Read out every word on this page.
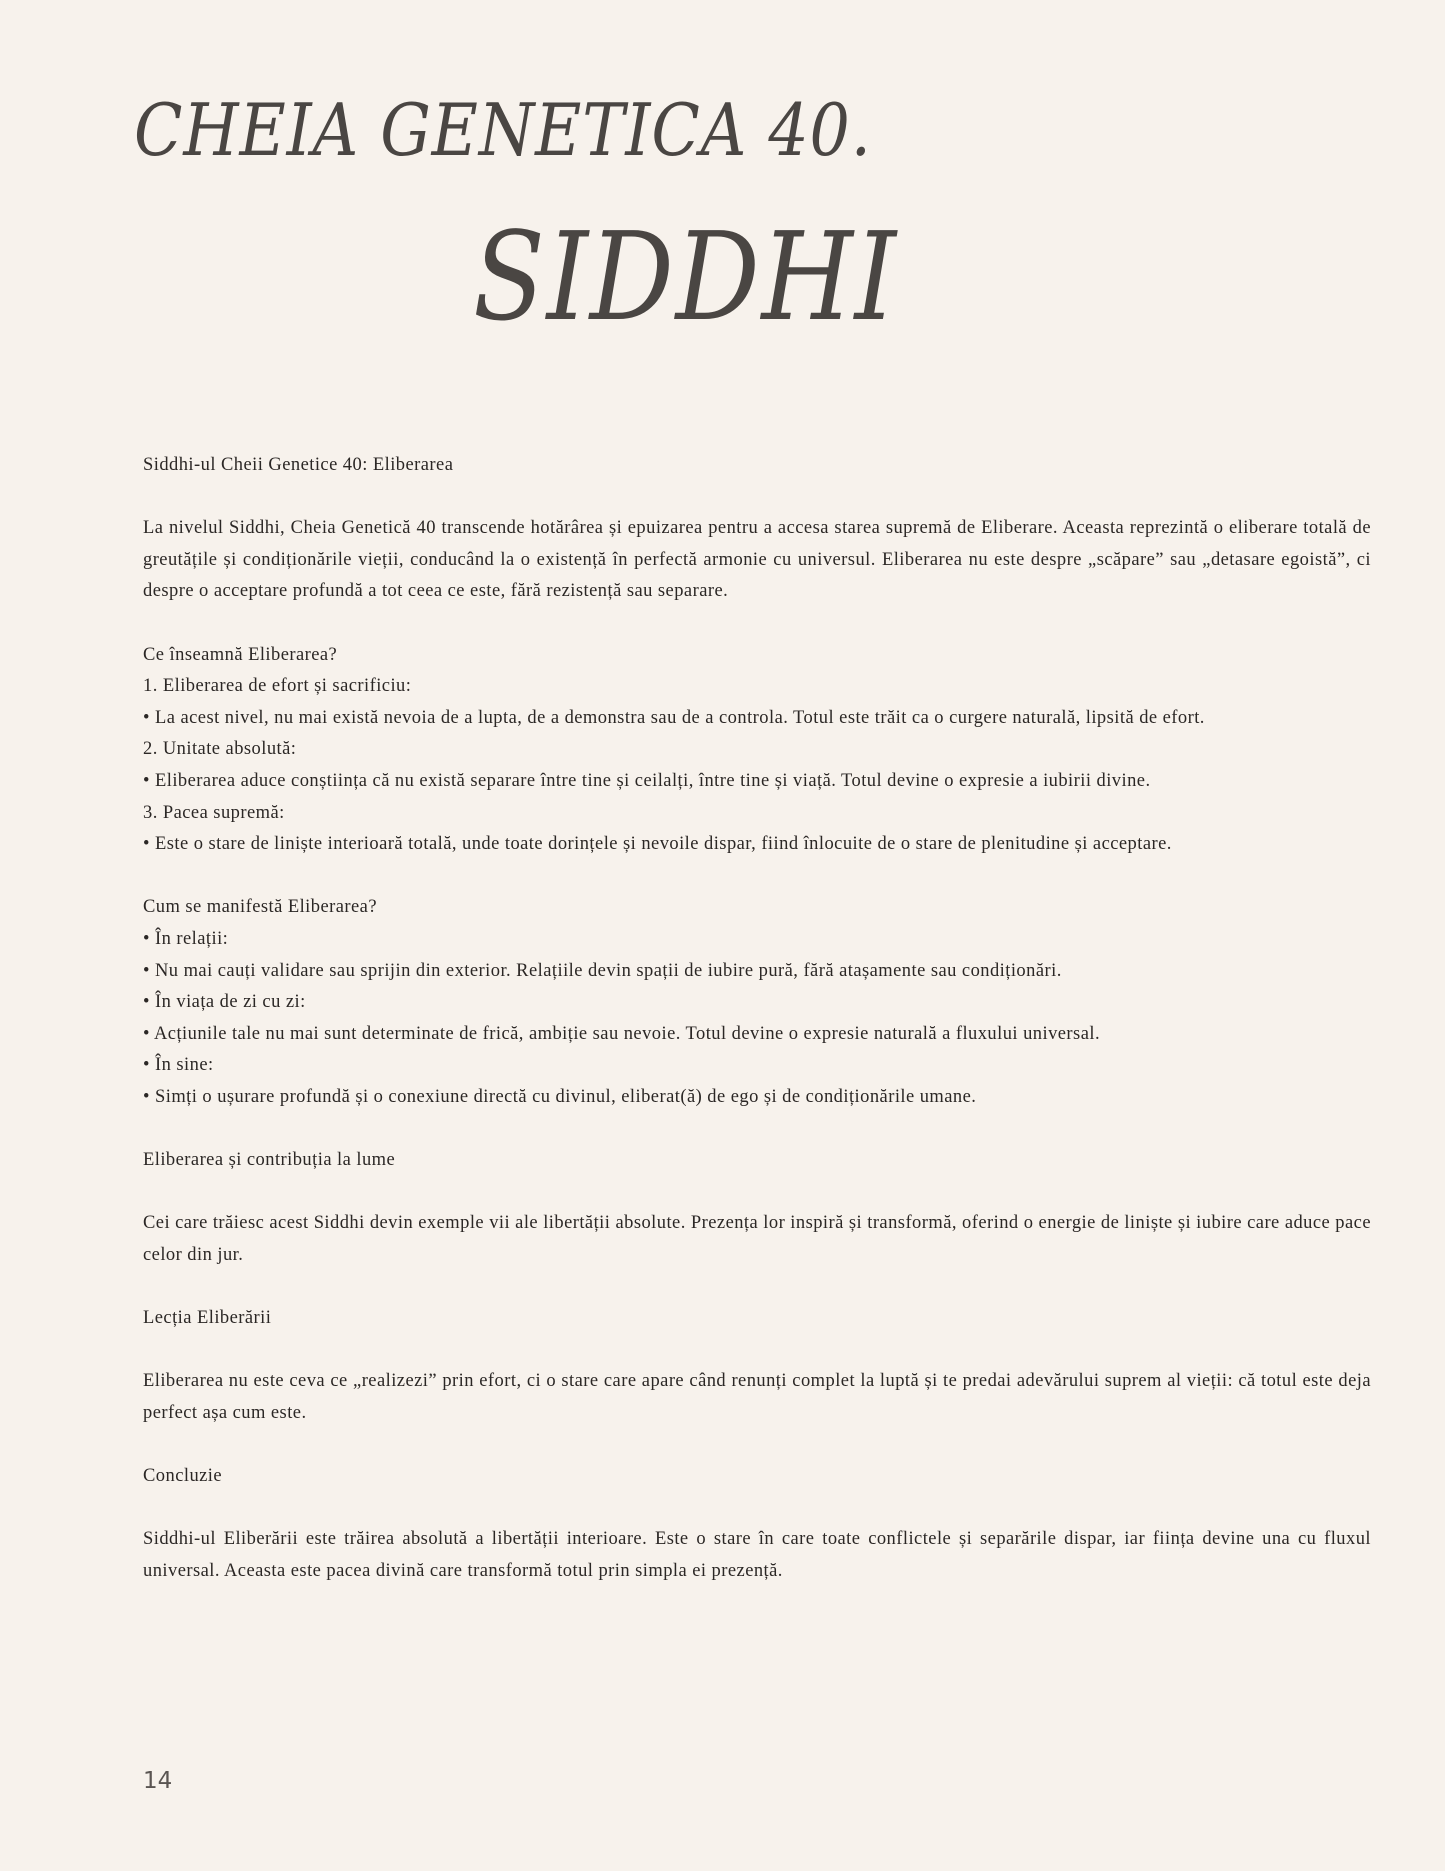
CHEIA GENETICA 40.
SIDDHI

Siddhi-ul Cheii Genetice 40: Eliberarea

La nivelul Siddhi, Cheia Genetică 40 transcende hotărârea și epuizarea pentru a accesa starea supremă de Eliberare. Aceasta reprezintă o eliberare totală de greutățile și condiționările vieții, conducând la o existență în perfectă armonie cu universul. Eliberarea nu este despre „scăpare” sau „detasare egoistă”, ci despre o acceptare profundă a tot ceea ce este, fără rezistență sau separare.

Ce înseamnă Eliberarea?

1. Eliberarea de efort și sacrificiu:

• La acest nivel, nu mai există nevoia de a lupta, de a demonstra sau de a controla. Totul este trăit ca o curgere naturală, lipsită de efort.

2. Unitate absolută:

• Eliberarea aduce conștiința că nu există separare între tine și ceilalți, între tine și viață. Totul devine o expresie a iubirii divine.

3. Pacea supremă:

• Este o stare de liniște interioară totală, unde toate dorințele și nevoile dispar, fiind înlocuite de o stare de plenitudine și acceptare.

Cum se manifestă Eliberarea?

• În relații:

• Nu mai cauți validare sau sprijin din exterior. Relațiile devin spații de iubire pură, fără atașamente sau condiționări.

• În viața de zi cu zi:

• Acțiunile tale nu mai sunt determinate de frică, ambiție sau nevoie. Totul devine o expresie naturală a fluxului universal.

• În sine:

• Simți o ușurare profundă și o conexiune directă cu divinul, eliberat(ă) de ego și de condiționările umane.

Eliberarea și contribuția la lume

Cei care trăiesc acest Siddhi devin exemple vii ale libertății absolute. Prezența lor inspiră și transformă, oferind o energie de liniște și iubire care aduce pace celor din jur.

Lecția Eliberării

Eliberarea nu este ceva ce „realizezi” prin efort, ci o stare care apare când renunți complet la luptă și te predai adevărului suprem al vieții: că totul este deja perfect așa cum este.

Concluzie

Siddhi-ul Eliberării este trăirea absolută a libertății interioare. Este o stare în care toate conflictele și separările dispar, iar ființa devine una cu fluxul universal. Aceasta este pacea divină care transformă totul prin simpla ei prezență.

14
